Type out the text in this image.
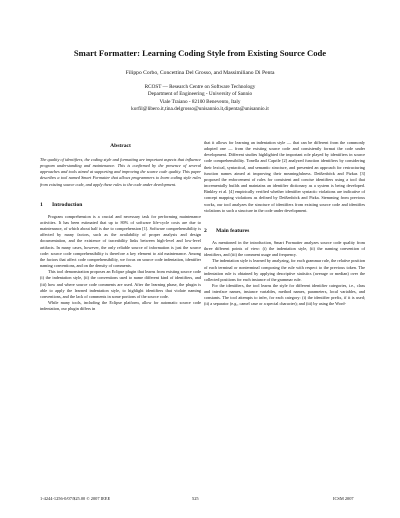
Smart Formatter: Learning Coding Style from Existing Source Code
Filippo Corbo, Concettina Del Grosso, and Massimiliano Di Penta
RCOST — Research Centre on Software Technology
Department of Engineering - University of Sannio
Viale Traiano - 82100 Benevento, Italy
korfil@libero.it,tina.delgrosso@unisannio.it,dipenta@unisannio.it
Abstract

The quality of identifiers, the coding style and formatting are important aspects that influence program understanding and maintenance. This is confirmed by the presence of several approaches and tools aimed at supporting and improving the source code quality. This paper describes a tool named Smart Formatter that allows programmers to learn coding style rules from existing source code, and apply these rules to the code under development.

1 Introduction

Program comprehension is a crucial and necessary task for performing maintenance activities. It has been estimated that up to 80% of software life-cycle costs are due to maintenance, of which about half is due to comprehension [1]. Software comprehensibility is affected by many factors, such as the availability of proper analysis and design documentation, and the existence of traceability links between high-level and low-level artifacts. In many cases, however, the only reliable source of information is just the source code: source code comprehensibility is therefore a key element to aid maintenance. Among the factors that affect code comprehensibility, we focus on source code indentation, identifier naming conventions, and on the density of comments.

This tool demonstration proposes an Eclipse plugin that learns from existing source code (i) the indentation style, (ii) the conventions used to name different kind of identifiers, and (iii) how and where source code comments are used. After the learning phase, the plugin is able to apply the learned indentation style, to highlight identifiers that violate naming conventions, and the lack of comments in some portions of the source code.

While many tools, including the Eclipse platform, allow for automatic source code indentation, our plugin differs in

that it allows for learning an indentation style — that can be different from the commonly adopted one — from the existing source code and consistently format the code under development. Different studies highlighted the important role played by identifiers in source code comprehensibility. Tonella and Caprile [2] analyzed function identifiers by considering their lexical, syntactical, and semantic structure, and presented an approach for restructuring function names aimed at improving their meaningfulness. Deißenböck and Pizkas [3] proposed the enforcement of rules for consistent and concise identifiers using a tool that incrementally builds and maintains an identifier dictionary as a system is being developed. Binkley et al. [4] empirically verified whether identifier syntactic violations are indicative of concept mapping violations as defined by Deißenböck and Pizka. Stemming from previous works, our tool analyzes the structure of identifiers from existing source code and identifies violations to such a structure in the code under development.

2 Main features

As mentioned in the introduction, Smart Formatter analyzes source code quality from three different points of view: (i) the indentation style, (ii) the naming convention of identifiers, and (iii) the comment usage and frequency.

The indentation style is learned by analyzing, for each grammar rule, the relative position of each terminal or nonterminal composing the rule with respect to the previous token. The indentation rule is obtained by applying descriptive statistics (average or median) over the collected positions for each instance of the grammar rule.

For the identifiers, the tool learns the style for different identifier categories, i.e., class and interface names, instance variables, method names, parameters, local variables, and constants. The tool attempts to infer, for each category: (i) the identifier prefix, if it is used; (ii) a separator (e.g., camel case or a special character); and (iii) by using the Word-

1-4244-1256-0/07/$25.00 © 2007 IEEE	525	ICSM 2007
